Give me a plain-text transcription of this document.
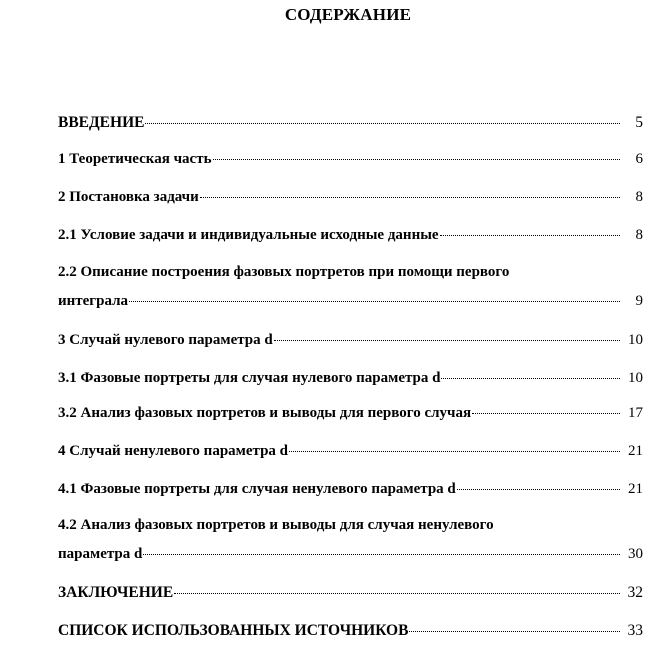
СОДЕРЖАНИЕ
ВВЕДЕНИЕ	5
1 Теоретическая часть	6
2 Постановка задачи	8
2.1 Условие задачи и индивидуальные исходные данные	8
2.2 Описание построения фазовых портретов при помощи первого
интеграла	9
3 Случай нулевого параметра d	10
3.1 Фазовые портреты для случая нулевого параметра d	10
3.2 Анализ фазовых портретов и выводы для первого случая	17
4 Случай ненулевого параметра d	21
4.1 Фазовые портреты для случая ненулевого параметра d	21
4.2 Анализ фазовых портретов и выводы для случая ненулевого
параметра d	30
ЗАКЛЮЧЕНИЕ	32
СПИСОК ИСПОЛЬЗОВАННЫХ ИСТОЧНИКОВ	33
